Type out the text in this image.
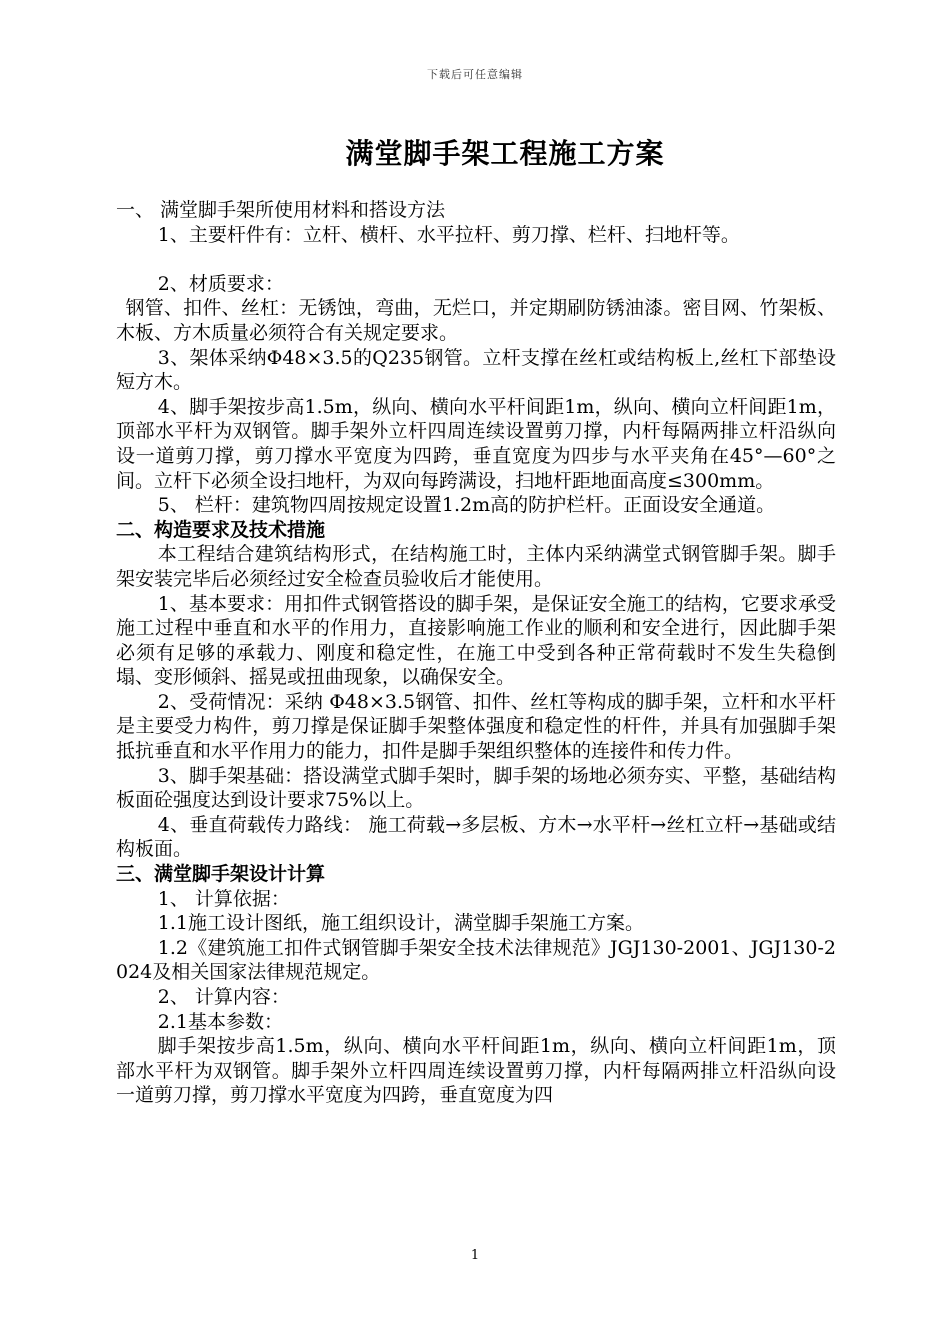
下载后可任意编辑
满堂脚手架工程施工方案

一、 满堂脚手架所使用材料和搭设方法

1、主要杆件有：立杆、横杆、水平拉杆、剪刀撑、栏杆、扫地杆等。

2、材质要求：

钢管、扣件、丝杠：无锈蚀，弯曲，无烂口，并定期刷防锈油漆。密目网、竹架板、木板、方木质量必须符合有关规定要求。

3、架体采纳Φ48×3.5的Q235钢管。立杆支撑在丝杠或结构板上,丝杠下部垫设短方木。

4、脚手架按步高1.5m，纵向、横向水平杆间距1m，纵向、横向立杆间距1m，顶部水平杆为双钢管。脚手架外立杆四周连续设置剪刀撑，内杆每隔两排立杆沿纵向设一道剪刀撑，剪刀撑水平宽度为四跨，垂直宽度为四步与水平夹角在45°—60°之间。立杆下必须全设扫地杆，为双向每跨满设，扫地杆距地面高度≤300mm。

5、 栏杆：建筑物四周按规定设置1.2m高的防护栏杆。正面设安全通道。

二、构造要求及技术措施

本工程结合建筑结构形式，在结构施工时，主体内采纳满堂式钢管脚手架。脚手架安装完毕后必须经过安全检查员验收后才能使用。

1、基本要求：用扣件式钢管搭设的脚手架，是保证安全施工的结构，它要求承受施工过程中垂直和水平的作用力，直接影响施工作业的顺利和安全进行，因此脚手架必须有足够的承载力、刚度和稳定性，在施工中受到各种正常荷载时不发生失稳倒塌、变形倾斜、摇晃或扭曲现象，以确保安全。

2、受荷情况：采纳 Φ48×3.5钢管、扣件、丝杠等构成的脚手架，立杆和水平杆是主要受力构件，剪刀撑是保证脚手架整体强度和稳定性的杆件，并具有加强脚手架抵抗垂直和水平作用力的能力，扣件是脚手架组织整体的连接件和传力件。

3、脚手架基础：搭设满堂式脚手架时，脚手架的场地必须夯实、平整，基础结构板面砼强度达到设计要求75%以上。

4、垂直荷载传力路线： 施工荷载→多层板、方木→水平杆→丝杠立杆→基础或结构板面。

三、满堂脚手架设计计算

1、 计算依据：

1.1施工设计图纸，施工组织设计，满堂脚手架施工方案。

1.2《建筑施工扣件式钢管脚手架安全技术法律规范》JGJ130-2001、JGJ130-2024及相关国家法律规范规定。

2、 计算内容：

2.1基本参数：

脚手架按步高1.5m，纵向、横向水平杆间距1m，纵向、横向立杆间距1m，顶部水平杆为双钢管。脚手架外立杆四周连续设置剪刀撑，内杆每隔两排立杆沿纵向设一道剪刀撑，剪刀撑水平宽度为四跨，垂直宽度为四

1
